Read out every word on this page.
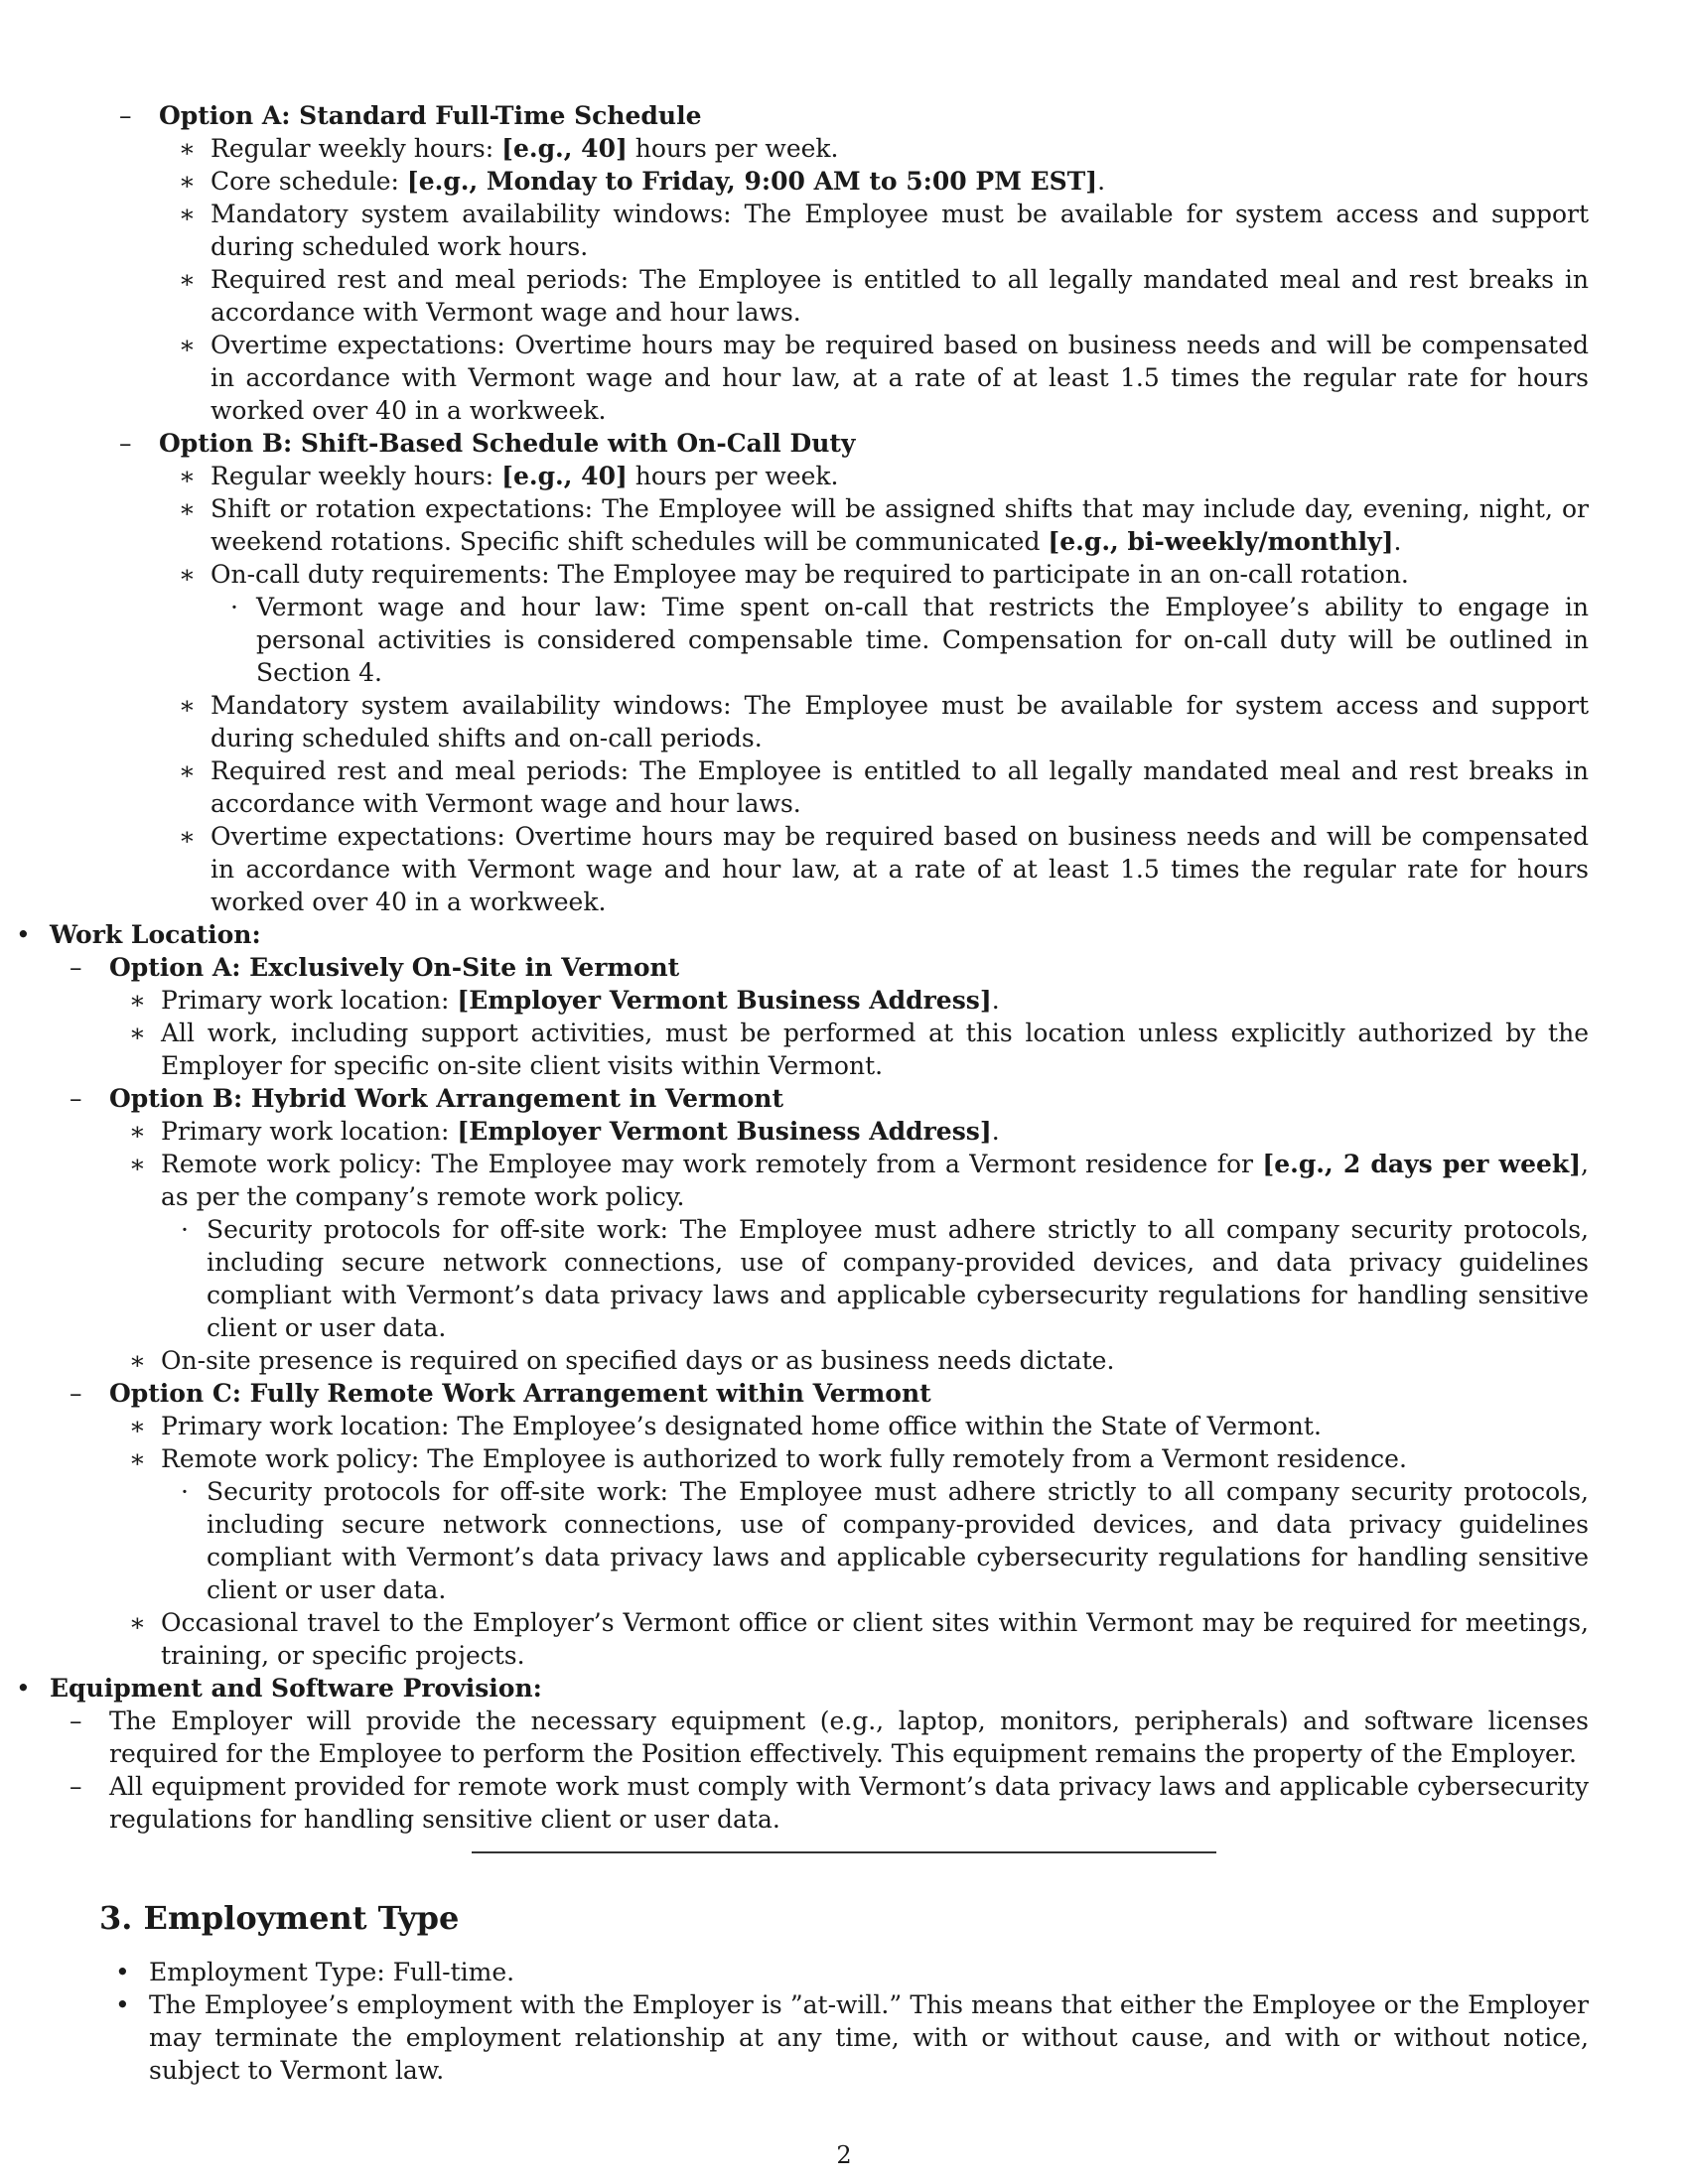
– Option A: Standard Full-Time Schedule
∗ Regular weekly hours: [e.g., 40] hours per week.
∗ Core schedule: [e.g., Monday to Friday, 9:00 AM to 5:00 PM EST].
∗ Mandatory system availability windows: The Employee must be available for system access and support during scheduled work hours.
∗ Required rest and meal periods: The Employee is entitled to all legally mandated meal and rest breaks in accordance with Vermont wage and hour laws.
∗ Overtime expectations: Overtime hours may be required based on business needs and will be compensated in accordance with Vermont wage and hour law, at a rate of at least 1.5 times the regular rate for hours worked over 40 in a workweek.
– Option B: Shift-Based Schedule with On-Call Duty
∗ Regular weekly hours: [e.g., 40] hours per week.
∗ Shift or rotation expectations: The Employee will be assigned shifts that may include day, evening, night, or weekend rotations. Specific shift schedules will be communicated [e.g., bi-weekly/monthly].
∗ On-call duty requirements: The Employee may be required to participate in an on-call rotation.
· Vermont wage and hour law: Time spent on-call that restricts the Employee’s ability to engage in personal activities is considered compensable time. Compensation for on-call duty will be outlined in Section 4.
∗ Mandatory system availability windows: The Employee must be available for system access and support during scheduled shifts and on-call periods.
∗ Required rest and meal periods: The Employee is entitled to all legally mandated meal and rest breaks in accordance with Vermont wage and hour laws.
∗ Overtime expectations: Overtime hours may be required based on business needs and will be compensated in accordance with Vermont wage and hour law, at a rate of at least 1.5 times the regular rate for hours worked over 40 in a workweek.
• Work Location:
– Option A: Exclusively On-Site in Vermont
∗ Primary work location: [Employer Vermont Business Address].
∗ All work, including support activities, must be performed at this location unless explicitly authorized by the Employer for specific on-site client visits within Vermont.
– Option B: Hybrid Work Arrangement in Vermont
∗ Primary work location: [Employer Vermont Business Address].
∗ Remote work policy: The Employee may work remotely from a Vermont residence for [e.g., 2 days per week], as per the company’s remote work policy.
· Security protocols for off-site work: The Employee must adhere strictly to all company security protocols, including secure network connections, use of company-provided devices, and data privacy guidelines compliant with Vermont’s data privacy laws and applicable cybersecurity regulations for handling sensitive client or user data.
∗ On-site presence is required on specified days or as business needs dictate.
– Option C: Fully Remote Work Arrangement within Vermont
∗ Primary work location: The Employee’s designated home office within the State of Vermont.
∗ Remote work policy: The Employee is authorized to work fully remotely from a Vermont residence.
· Security protocols for off-site work: The Employee must adhere strictly to all company security protocols, including secure network connections, use of company-provided devices, and data privacy guidelines compliant with Vermont’s data privacy laws and applicable cybersecurity regulations for handling sensitive client or user data.
∗ Occasional travel to the Employer’s Vermont office or client sites within Vermont may be required for meetings, training, or specific projects.
• Equipment and Software Provision:
– The Employer will provide the necessary equipment (e.g., laptop, monitors, peripherals) and software licenses required for the Employee to perform the Position effectively. This equipment remains the property of the Employer.
– All equipment provided for remote work must comply with Vermont’s data privacy laws and applicable cybersecurity regulations for handling sensitive client or user data.
3. Employment Type
• Employment Type: Full-time.
• The Employee’s employment with the Employer is ”at-will.” This means that either the Employee or the Employer may terminate the employment relationship at any time, with or without cause, and with or without notice, subject to Vermont law.
2
